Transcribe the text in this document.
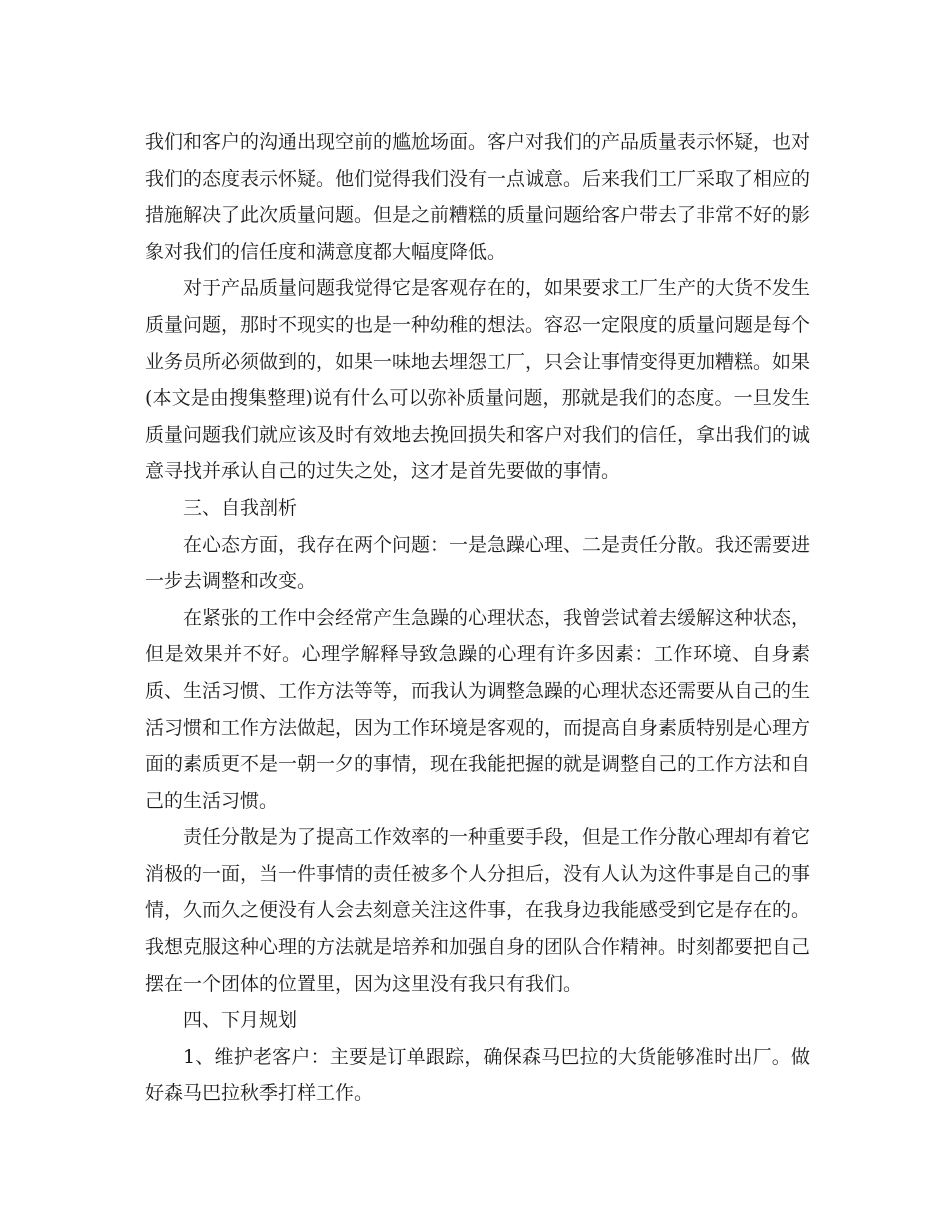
我们和客户的沟通出现空前的尴尬场面。客户对我们的产品质量表示怀疑，也对我们的态度表示怀疑。他们觉得我们没有一点诚意。后来我们工厂采取了相应的措施解决了此次质量问题。但是之前糟糕的质量问题给客户带去了非常不好的影象对我们的信任度和满意度都大幅度降低。

对于产品质量问题我觉得它是客观存在的，如果要求工厂生产的大货不发生质量问题，那时不现实的也是一种幼稚的想法。容忍一定限度的质量问题是每个业务员所必须做到的，如果一味地去埋怨工厂，只会让事情变得更加糟糕。如果(本文是由搜集整理)说有什么可以弥补质量问题，那就是我们的态度。一旦发生质量问题我们就应该及时有效地去挽回损失和客户对我们的信任，拿出我们的诚意寻找并承认自己的过失之处，这才是首先要做的事情。

三、自我剖析

在心态方面，我存在两个问题：一是急躁心理、二是责任分散。我还需要进一步去调整和改变。

在紧张的工作中会经常产生急躁的心理状态，我曾尝试着去缓解这种状态，但是效果并不好。心理学解释导致急躁的心理有许多因素：工作环境、自身素质、生活习惯、工作方法等等，而我认为调整急躁的心理状态还需要从自己的生活习惯和工作方法做起，因为工作环境是客观的，而提高自身素质特别是心理方面的素质更不是一朝一夕的事情，现在我能把握的就是调整自己的工作方法和自己的生活习惯。

责任分散是为了提高工作效率的一种重要手段，但是工作分散心理却有着它消极的一面，当一件事情的责任被多个人分担后，没有人认为这件事是自己的事情，久而久之便没有人会去刻意关注这件事，在我身边我能感受到它是存在的。我想克服这种心理的方法就是培养和加强自身的团队合作精神。时刻都要把自己摆在一个团体的位置里，因为这里没有我只有我们。

四、下月规划

1、维护老客户：主要是订单跟踪，确保森马巴拉的大货能够准时出厂。做好森马巴拉秋季打样工作。
